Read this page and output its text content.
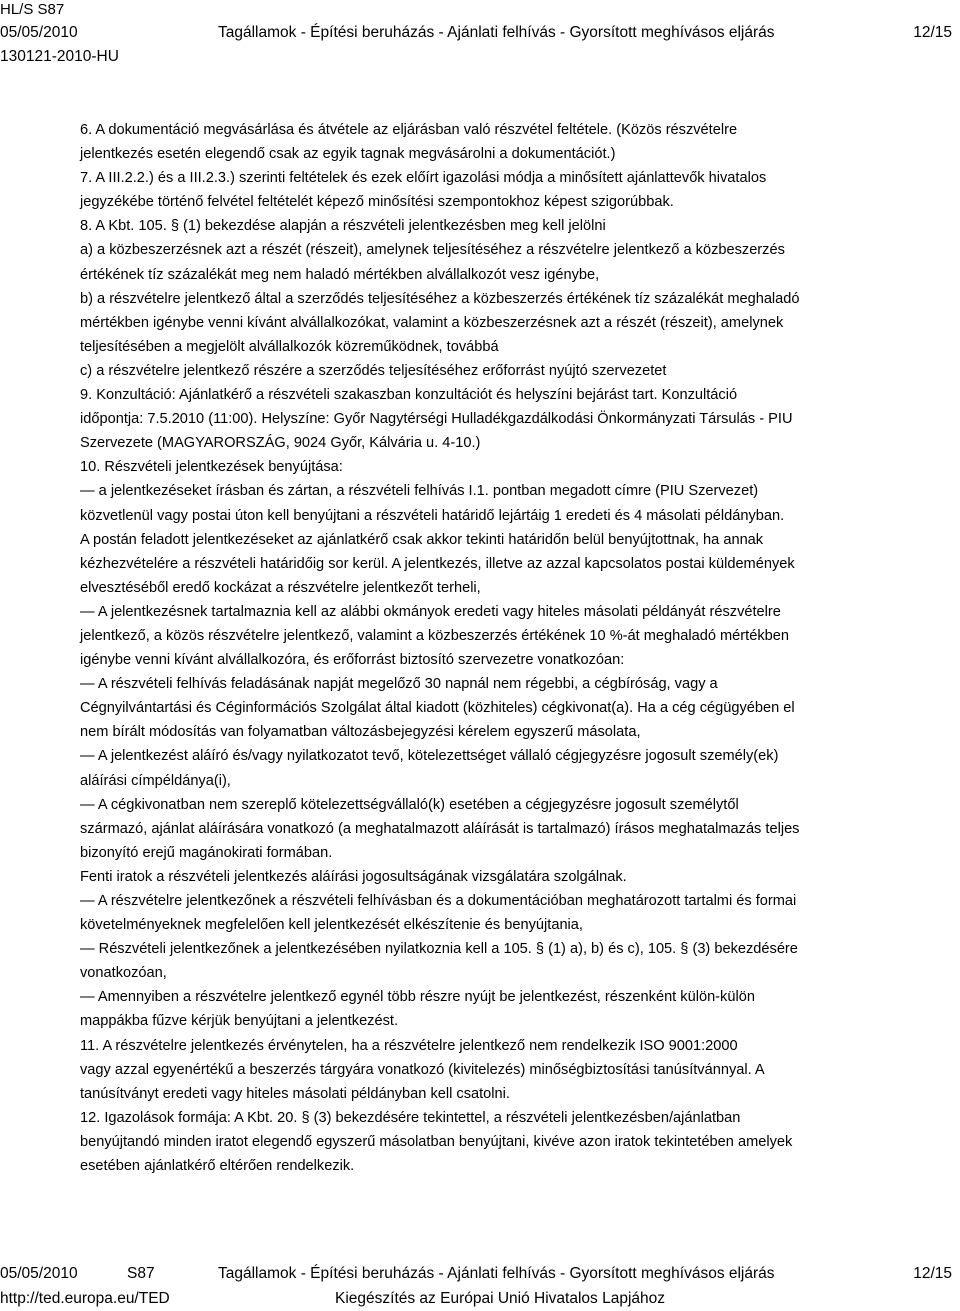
HL/S S87
05/05/2010	Tagállamok - Építési beruházás - Ajánlati felhívás - Gyorsított meghívásos eljárás	12/15
130121-2010-HU

6. A dokumentáció megvásárlása és átvétele az eljárásban való részvétel feltétele. (Közös részvételre

jelentkezés esetén elegendő csak az egyik tagnak megvásárolni a dokumentációt.)

7. A III.2.2.) és a III.2.3.) szerinti feltételek és ezek előírt igazolási módja a minősített ajánlattevők hivatalos

jegyzékébe történő felvétel feltételét képező minősítési szempontokhoz képest szigorúbbak.

8. A Kbt. 105. § (1) bekezdése alapján a részvételi jelentkezésben meg kell jelölni

a) a közbeszerzésnek azt a részét (részeit), amelynek teljesítéséhez a részvételre jelentkező a közbeszerzés

értékének tíz százalékát meg nem haladó mértékben alvállalkozót vesz igénybe,

b) a részvételre jelentkező által a szerződés teljesítéséhez a közbeszerzés értékének tíz százalékát meghaladó

mértékben igénybe venni kívánt alvállalkozókat, valamint a közbeszerzésnek azt a részét (részeit), amelynek

teljesítésében a megjelölt alvállalkozók közreműködnek, továbbá

c) a részvételre jelentkező részére a szerződés teljesítéséhez erőforrást nyújtó szervezetet

9. Konzultáció: Ajánlatkérő a részvételi szakaszban konzultációt és helyszíni bejárást tart. Konzultáció

időpontja: 7.5.2010 (11:00). Helyszíne: Győr Nagytérségi Hulladékgazdálkodási Önkormányzati Társulás - PIU

Szervezete (MAGYARORSZÁG, 9024 Győr, Kálvária u. 4-10.)

10. Részvételi jelentkezések benyújtása:

— a jelentkezéseket írásban és zártan, a részvételi felhívás I.1. pontban megadott címre (PIU Szervezet)

közvetlenül vagy postai úton kell benyújtani a részvételi határidő lejártáig 1 eredeti és 4 másolati példányban.

A postán feladott jelentkezéseket az ajánlatkérő csak akkor tekinti határidőn belül benyújtottnak, ha annak

kézhezvételére a részvételi határidőig sor kerül. A jelentkezés, illetve az azzal kapcsolatos postai küldemények

elvesztéséből eredő kockázat a részvételre jelentkezőt terheli,

— A jelentkezésnek tartalmaznia kell az alábbi okmányok eredeti vagy hiteles másolati példányát részvételre

jelentkező, a közös részvételre jelentkező, valamint a közbeszerzés értékének 10 %-át meghaladó mértékben

igénybe venni kívánt alvállalkozóra, és erőforrást biztosító szervezetre vonatkozóan:

— A részvételi felhívás feladásának napját megelőző 30 napnál nem régebbi, a cégbíróság, vagy a

Cégnyilvántartási és Céginformációs Szolgálat által kiadott (közhiteles) cégkivonat(a). Ha a cég cégügyében el

nem bírált módosítás van folyamatban változásbejegyzési kérelem egyszerű másolata,

— A jelentkezést aláíró és/vagy nyilatkozatot tevő, kötelezettséget vállaló cégjegyzésre jogosult személy(ek)

aláírási címpéldánya(i),

— A cégkivonatban nem szereplő kötelezettségvállaló(k) esetében a cégjegyzésre jogosult személytől

származó, ajánlat aláírására vonatkozó (a meghatalmazott aláírását is tartalmazó) írásos meghatalmazás teljes

bizonyító erejű magánokirati formában.

Fenti iratok a részvételi jelentkezés aláírási jogosultságának vizsgálatára szolgálnak.

— A részvételre jelentkezőnek a részvételi felhívásban és a dokumentációban meghatározott tartalmi és formai

követelményeknek megfelelően kell jelentkezését elkészítenie és benyújtania,

— Részvételi jelentkezőnek a jelentkezésében nyilatkoznia kell a 105. § (1) a), b) és c), 105. § (3) bekezdésére

vonatkozóan,

— Amennyiben a részvételre jelentkező egynél több részre nyújt be jelentkezést, részenként külön-külön

mappákba fűzve kérjük benyújtani a jelentkezést.

11. A részvételre jelentkezés érvénytelen, ha a részvételre jelentkező nem rendelkezik ISO 9001:2000

vagy azzal egyenértékű a beszerzés tárgyára vonatkozó (kivitelezés) minőségbiztosítási tanúsítvánnyal. A

tanúsítványt eredeti vagy hiteles másolati példányban kell csatolni.

12. Igazolások formája: A Kbt. 20. § (3) bekezdésére tekintettel, a részvételi jelentkezésben/ajánlatban

benyújtandó minden iratot elegendő egyszerű másolatban benyújtani, kivéve azon iratok tekintetében amelyek

esetében ajánlatkérő eltérően rendelkezik.

05/05/2010	S87	Tagállamok - Építési beruházás - Ajánlati felhívás - Gyorsított meghívásos eljárás	12/15
http://ted.europa.eu/TED	Kiegészítés az Európai Unió Hivatalos Lapjához
